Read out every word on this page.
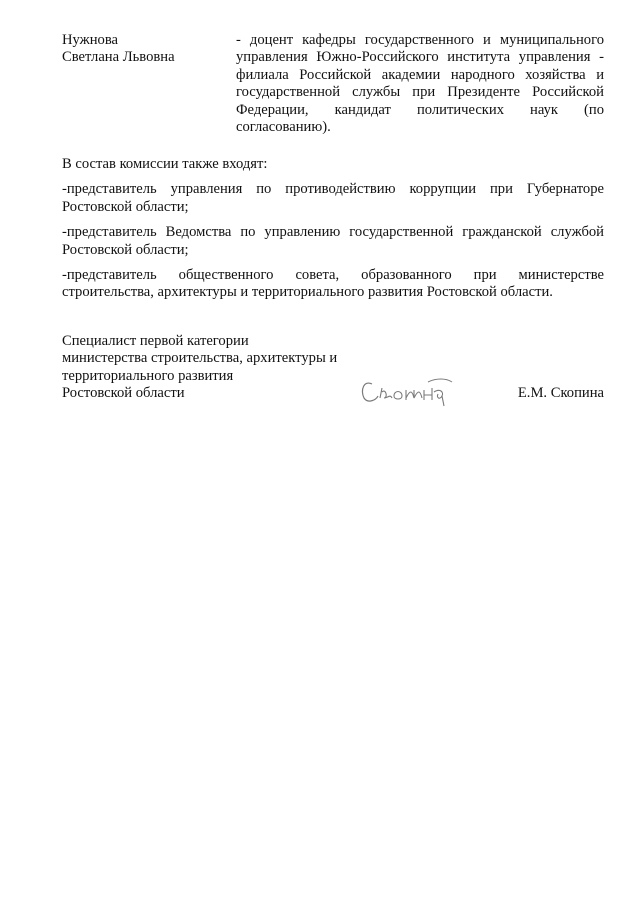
Нужнова
Светлана Львовна
- доцент кафедры государственного и муниципального управления Южно-Российского института управления - филиала Российской академии народного хозяйства и государственной службы при Президенте Российской Федерации, кандидат политических наук (по согласованию).
В состав комиссии также входят:
-представитель управления по противодействию коррупции при Губернаторе Ростовской области;
-представитель Ведомства по управлению государственной гражданской службой Ростовской области;
-представитель общественного совета, образованного при министерстве строительства, архитектуры и территориального развития Ростовской области.
Специалист первой категории
министерства строительства, архитектуры и
территориального развития
Ростовской области	Е.М. Скопина
